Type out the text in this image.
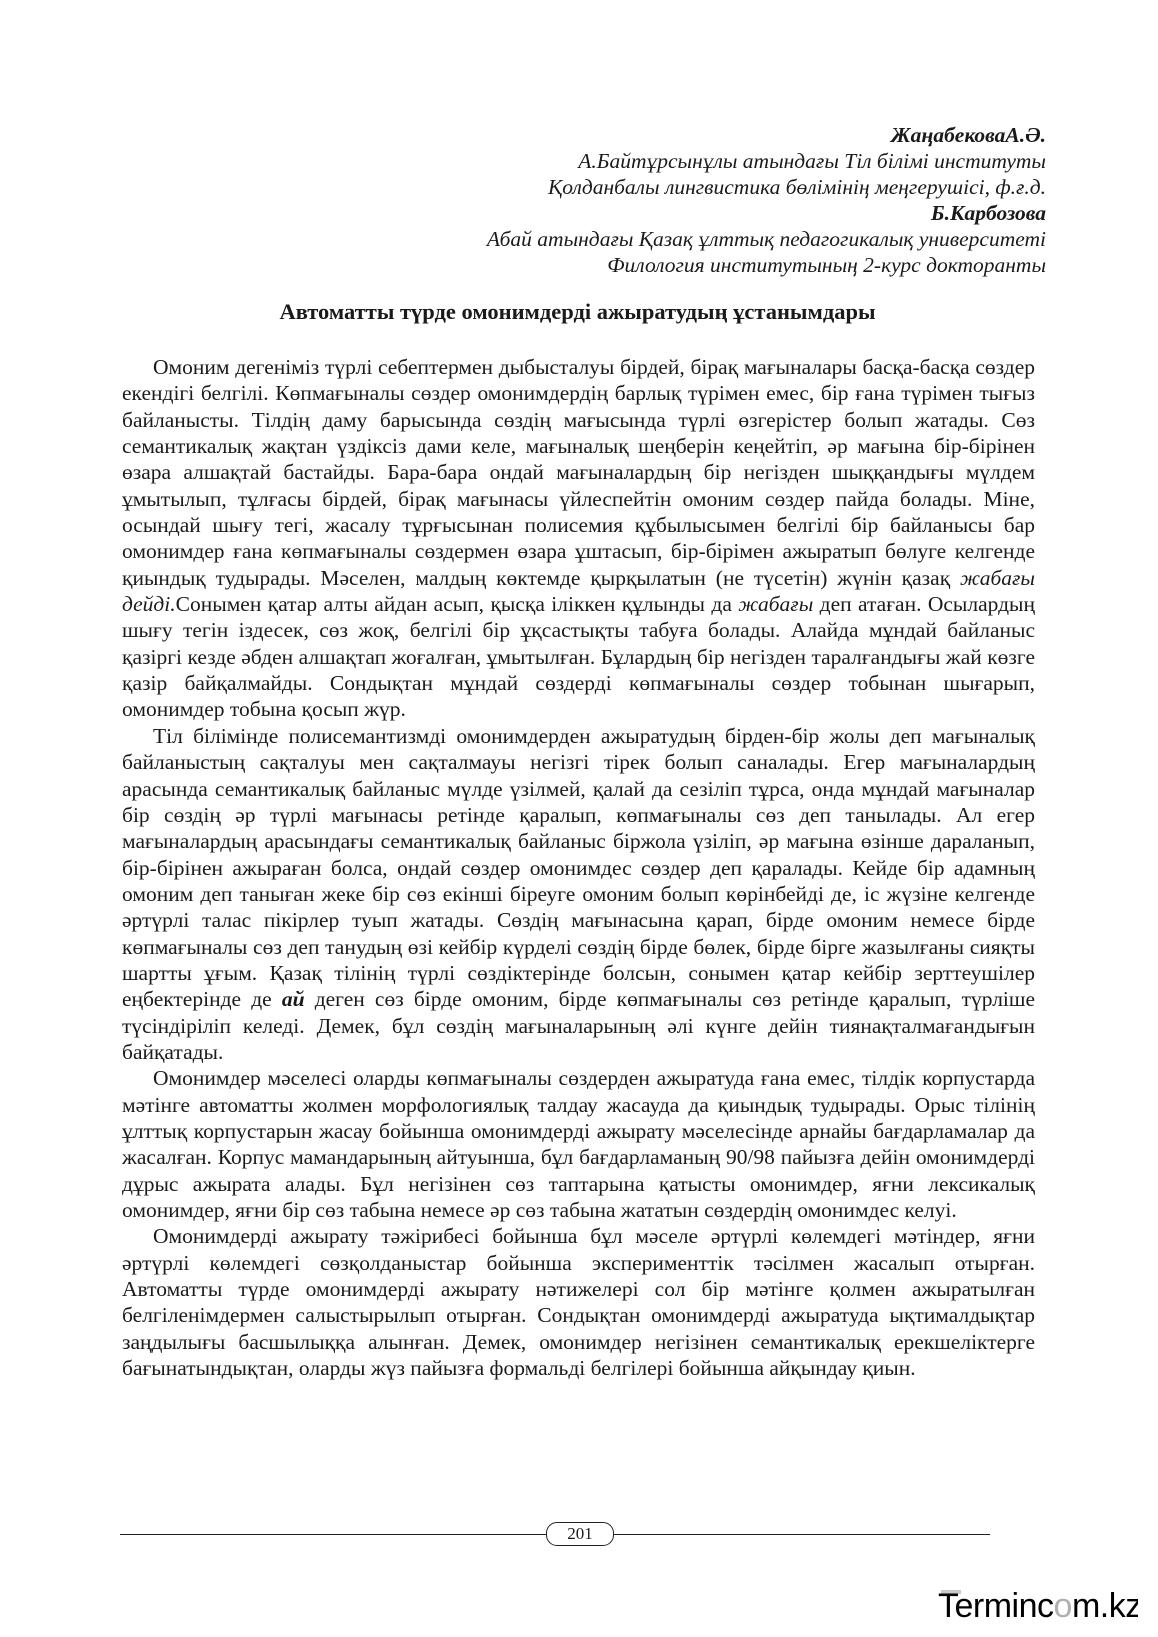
ЖаңабековаА.Ә.
А.Байтұрсынұлы атындағы Тіл білімі институты
Қолданбалы лингвистика бөлімінің меңгерушісі, ф.ғ.д.
Б.Карбозова
Абай атындағы Қазақ ұлттық педагогикалық университеті
Филология институтының 2-курс докторанты
Автоматты түрде омонимдерді ажыратудың ұстанымдары

Омоним дегеніміз түрлі себептермен дыбысталуы бірдей, бірақ мағыналары басқа-басқа сөздер екендігі белгілі. Көпмағыналы сөздер омонимдердің барлық түрімен емес, бір ғана түрімен тығыз байланысты. Тілдің даму барысында сөздің мағысында түрлі өзгерістер болып жатады. Сөз семантикалық жақтан үздіксіз дами келе, мағыналық шеңберін кеңейтіп, әр мағына бір-бірінен өзара алшақтай бастайды. Бара-бара ондай мағыналардың бір негізден шыққандығы мүлдем ұмытылып, тұлғасы бірдей, бірақ мағынасы үйлеспейтін омоним сөздер пайда болады. Міне, осындай шығу тегі, жасалу тұрғысынан полисемия құбылысымен белгілі бір байланысы бар омонимдер ғана көпмағыналы сөздермен өзара ұштасып, бір-бірімен ажыратып бөлуге келгенде қиындық тудырады. Мәселен, малдың көктемде қырқылатын (не түсетін) жүнін қазақ жабағы дейді.Сонымен қатар алты айдан асып, қысқа іліккен құлынды да жабағы деп атаған. Осылардың шығу тегін іздесек, сөз жоқ, белгілі бір ұқсастықты табуға болады. Алайда мұндай байланыс қазіргі кезде әбден алшақтап жоғалған, ұмытылған. Бұлардың бір негізден таралғандығы жай көзге қазір байқалмайды. Сондықтан мұндай сөздерді көпмағыналы сөздер тобынан шығарып, омонимдер тобына қосып жүр.

Тіл білімінде полисемантизмді омонимдерден ажыратудың бірден-бір жолы деп мағыналық байланыстың сақталуы мен сақталмауы негізгі тірек болып саналады. Егер мағыналардың арасында семантикалық байланыс мүлде үзілмей, қалай да сезіліп тұрса, онда мұндай мағыналар бір сөздің әр түрлі мағынасы ретінде қаралып, көпмағыналы сөз деп танылады. Ал егер мағыналардың арасындағы семантикалық байланыс біржола үзіліп, әр мағына өзінше дараланып, бір-бірінен ажыраған болса, ондай сөздер омонимдес сөздер деп қаралады. Кейде бір адамның омоним деп таныған жеке бір сөз екінші біреуге омоним болып көрінбейді де, іс жүзіне келгенде әртүрлі талас пікірлер туып жатады. Сөздің мағынасына қарап, бірде омоним немесе бірде көпмағыналы сөз деп танудың өзі кейбір күрделі сөздің бірде бөлек, бірде бірге жазылғаны сияқты шартты ұғым. Қазақ тілінің түрлі сөздіктерінде болсын, сонымен қатар кейбір зерттеушілер еңбектерінде де ай деген сөз бірде омоним, бірде көпмағыналы сөз ретінде қаралып, түрліше түсіндіріліп келеді. Демек, бұл сөздің мағыналарының әлі күнге дейін тиянақталмағандығын байқатады.

Омонимдер мәселесі оларды көпмағыналы сөздерден ажыратуда ғана емес, тілдік корпустарда мәтінге автоматты жолмен морфологиялық талдау жасауда да қиындық тудырады. Орыс тілінің ұлттық корпустарын жасау бойынша омонимдерді ажырату мәселесінде арнайы бағдарламалар да жасалған. Корпус мамандарының айтуынша, бұл бағдарламаның 90/98 пайызға дейін омонимдерді дұрыс ажырата алады. Бұл негізінен сөз таптарына қатысты омонимдер, яғни лексикалық омонимдер, яғни бір сөз табына немесе әр сөз табына жататын сөздердің омонимдес келуі.

Омонимдерді ажырату тәжірибесі бойынша бұл мәселе әртүрлі көлемдегі мәтіндер, яғни әртүрлі көлемдегі сөзқолданыстар бойынша эксперименттік тәсілмен жасалып отырған. Автоматты түрде омонимдерді ажырату нәтижелері сол бір мәтінге қолмен ажыратылған белгіленімдермен салыстырылып отырған. Сондықтан омонимдерді ажыратуда ықтималдықтар заңдылығы басшылыққа алынған. Демек, омонимдер негізінен семантикалық ерекшеліктерге бағынатындықтан, оларды жүз пайызға формальді белгілері бойынша айқындау қиын.

201
Termincom.kz
